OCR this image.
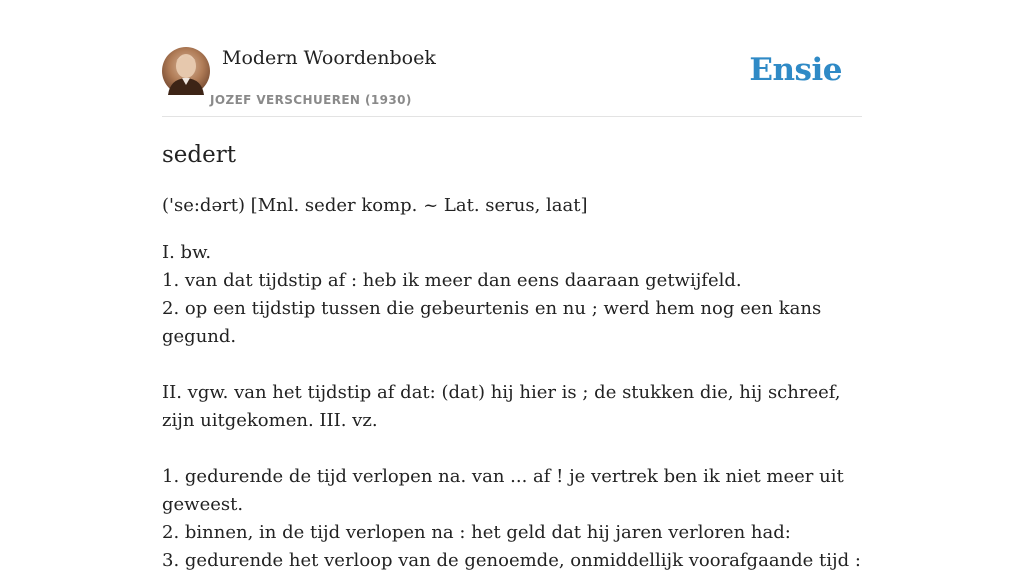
Modern Woordenboek
JOZEF VERSCHUEREN (1930)
Ensie
sedert
('se:dərt) [Mnl. seder komp. ~ Lat. serus, laat]

I. bw.

1. van dat tijdstip af : heb ik meer dan eens daaraan getwijfeld.

2. op een tijdstip tussen die gebeurtenis en nu ; werd hem nog een kans gegund.

II. vgw. van het tijdstip af dat: (dat) hij hier is ; de stukken die, hij schreef, zijn uitgekomen. III. vz.

1. gedurende de tijd verlopen na. van ... af ! je vertrek ben ik niet meer uit geweest.

2. binnen, in de tijd verlopen na : het geld dat hij jaren verloren had:

3. gedurende het verloop van de genoemde, onmiddellijk voorafgaande tijd :
